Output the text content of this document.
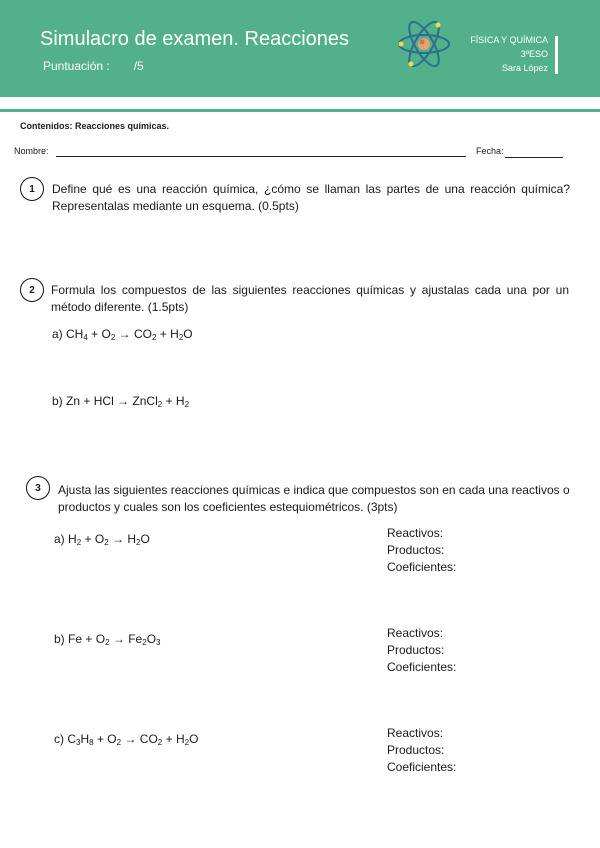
Simulacro de examen. Reacciones
Puntuación : /5
FÍSICA Y QUÍMICA
3ºESO
Sara López
Contenidos: Reacciones químicas.
Nombre:	Fecha:
1	Define qué es una reacción química, ¿cómo se llaman las partes de una reacción química? Representalas mediante un esquema. (0.5pts)
2	Formula los compuestos de las siguientes reacciones químicas y ajustalas cada una por un método diferente. (1.5pts)
a) $CH_4 + O_2 \to CO_2 + H_2O$
b) Zn + HCl → ZnCl$_2$ + $H_2$
3	Ajusta las siguientes reacciones químicas e indica que compuestos son en cada una reactivos o productos y cuales son los coeficientes estequiométricos. (3pts)
a) $H_2 + O_2 \to H_2O$	Reactivos:
Productos:
Coeficientes:
b) $Fe + O_2 \to Fe_2O_3$
Reactivos:
Productos:
Coeficientes:
c) $C_3H_8 + O_2 \to CO_2 + H_2O$	Reactivos:
Productos:
Coeficientes:
